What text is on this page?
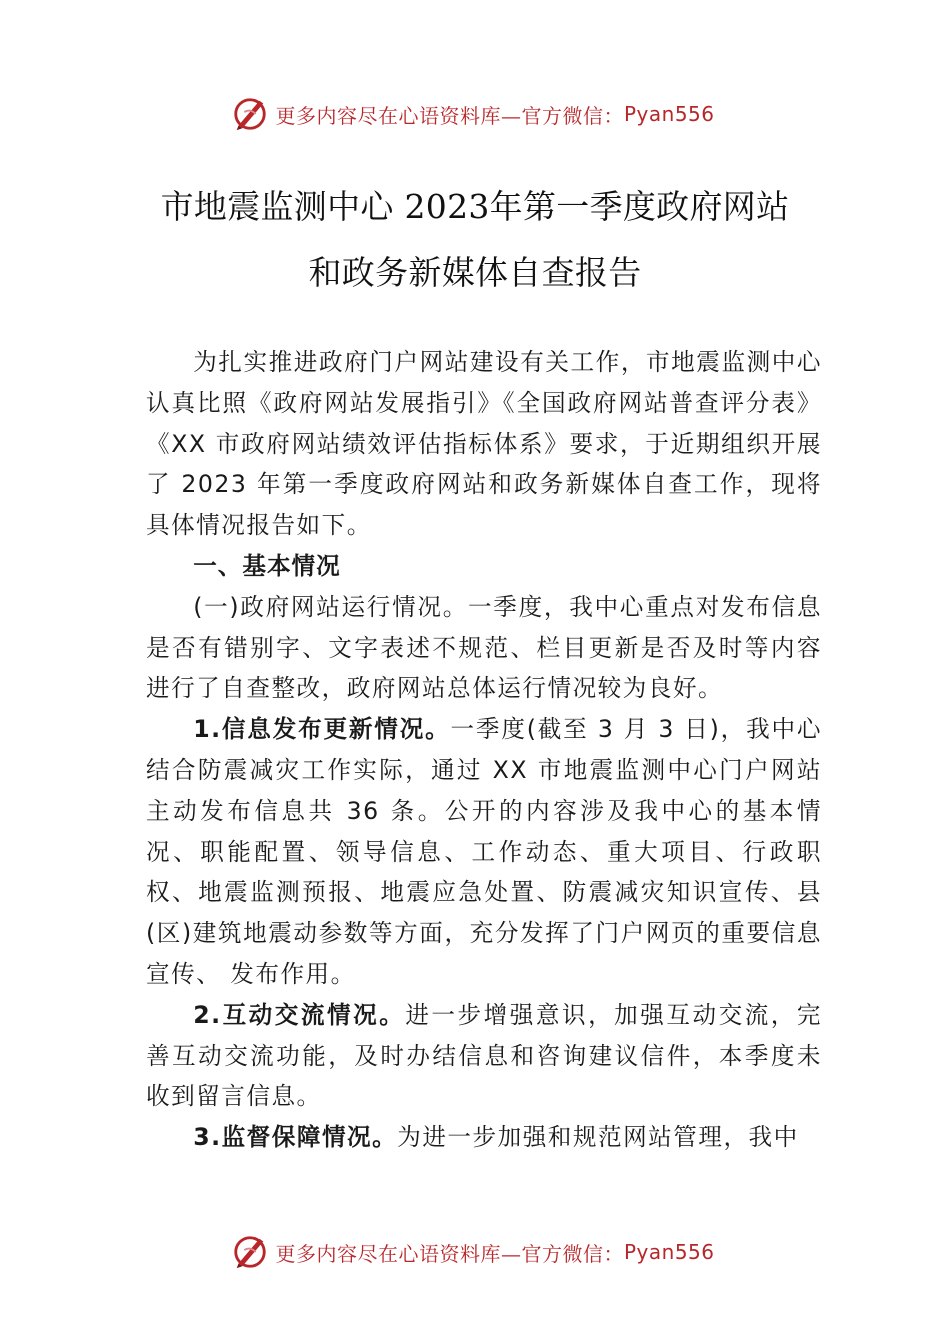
更多内容尽在心语资料库—官方微信： Pyan556
市地震监测中心 2023年第一季度政府网站
和政务新媒体自查报告

为扎实推进政府门户网站建设有关工作，市地震监测中心认真比照《政府网站发展指引》《全国政府网站普查评分表》《XX 市政府网站绩效评估指标体系》要求，于近期组织开展了 2023 年第一季度政府网站和政务新媒体自查工作，现将具体情况报告如下。

一、基本情况

(一)政府网站运行情况。一季度，我中心重点对发布信息是否有错别字、文字表述不规范、栏目更新是否及时等内容进行了自查整改，政府网站总体运行情况较为良好。

1.信息发布更新情况。一季度(截至 3 月 3 日)，我中心结合防震减灾工作实际，通过 XX 市地震监测中心门户网站主动发布信息共 36 条。公开的内容涉及我中心的基本情况、职能配置、领导信息、工作动态、重大项目、行政职权、地震监测预报、地震应急处置、防震减灾知识宣传、县(区)建筑地震动参数等方面，充分发挥了门户网页的重要信息宣传、 发布作用。

2.互动交流情况。进一步增强意识，加强互动交流，完善互动交流功能，及时办结信息和咨询建议信件，本季度未收到留言信息。

3.监督保障情况。为进一步加强和规范网站管理，我中

更多内容尽在心语资料库—官方微信： Pyan556
